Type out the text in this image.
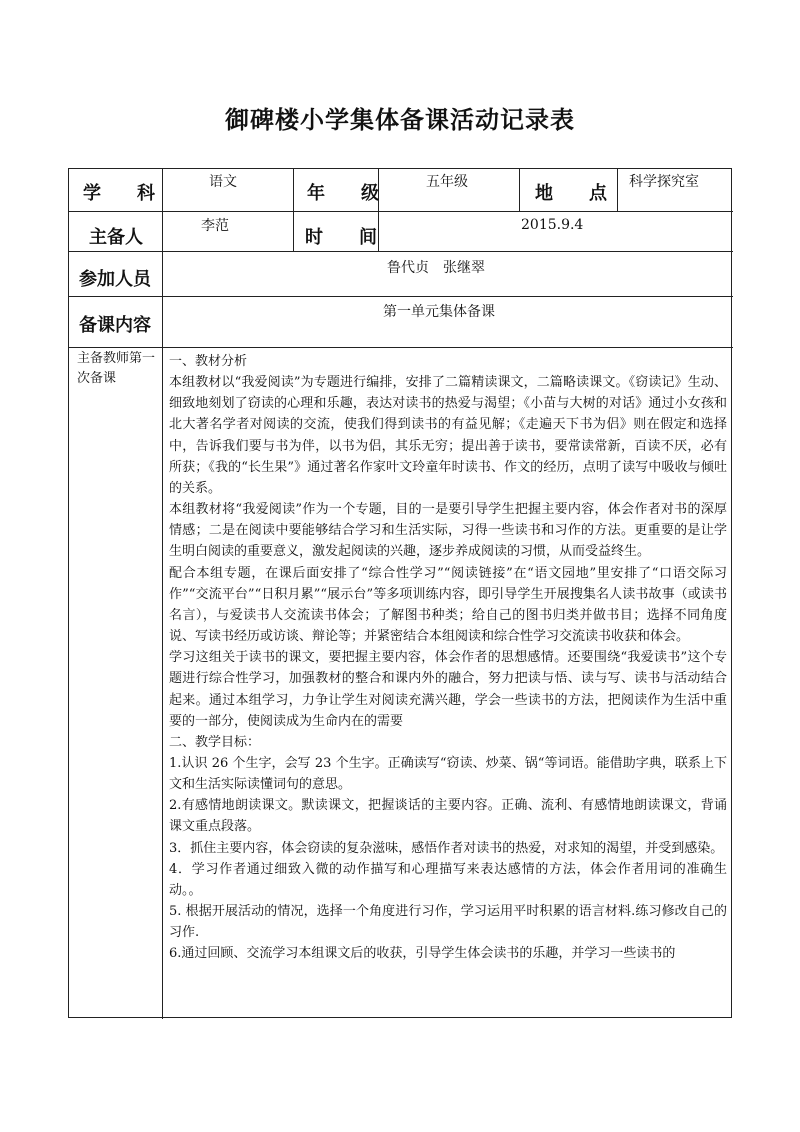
御碑楼小学集体备课活动记录表
学　　科
语文
年　　级
五年级
地　　点
科学探究室
主备人
李范
时　　间
2015.9.4
参加人员
鲁代贞　张继翠
备课内容
第一单元集体备课
主备教师第一次备课

一、教材分析

本组教材以“我爱阅读”为专题进行编排，安排了二篇精读课文，二篇略读课文。《窃读记》生动、细致地刻划了窃读的心理和乐趣，表达对读书的热爱与渴望；《小苗与大树的对话》通过小女孩和北大著名学者对阅读的交流，使我们得到读书的有益见解；《走遍天下书为侣》则在假定和选择中，告诉我们要与书为伴，以书为侣，其乐无穷；提出善于读书，要常读常新，百读不厌，必有所获；《我的“长生果”》通过著名作家叶文玲童年时读书、作文的经历，点明了读写中吸收与倾吐的关系。

本组教材将“我爱阅读”作为一个专题，目的一是要引导学生把握主要内容，体会作者对书的深厚情感；二是在阅读中要能够结合学习和生活实际，习得一些读书和习作的方法。更重要的是让学生明白阅读的重要意义，激发起阅读的兴趣，逐步养成阅读的习惯，从而受益终生。

配合本组专题，在课后面安排了“综合性学习”“阅读链接”在“语文园地”里安排了“口语交际习作”“交流平台”“日积月累”“展示台”等多项训练内容，即引导学生开展搜集名人读书故事（或读书名言），与爱读书人交流读书体会；了解图书种类；给自己的图书归类并做书目；选择不同角度说、写读书经历或访谈、辩论等；并紧密结合本组阅读和综合性学习交流读书收获和体会。

学习这组关于读书的课文，要把握主要内容，体会作者的思想感情。还要围绕“我爱读书”这个专题进行综合性学习，加强教材的整合和课内外的融合，努力把读与悟、读与写、读书与活动结合起来。通过本组学习，力争让学生对阅读充满兴趣，学会一些读书的方法，把阅读作为生活中重要的一部分，使阅读成为生命内在的需要

二、教学目标：

1.认识 26 个生字，会写 23 个生字。正确读写“窃读、炒菜、锅“等词语。能借助字典，联系上下文和生活实际读懂词句的意思。

2.有感情地朗读课文。默读课文，把握谈话的主要内容。正确、流利、有感情地朗读课文，背诵课文重点段落。

3．抓住主要内容，体会窃读的复杂滋味，感悟作者对读书的热爱，对求知的渴望，并受到感染。

4．学习作者通过细致入微的动作描写和心理描写来表达感情的方法，体会作者用词的准确生动。。

5. 根据开展活动的情况，选择一个角度进行习作，学习运用平时积累的语言材料.练习修改自己的习作.

6.通过回顾、交流学习本组课文后的收获，引导学生体会读书的乐趣，并学习一些读书的
